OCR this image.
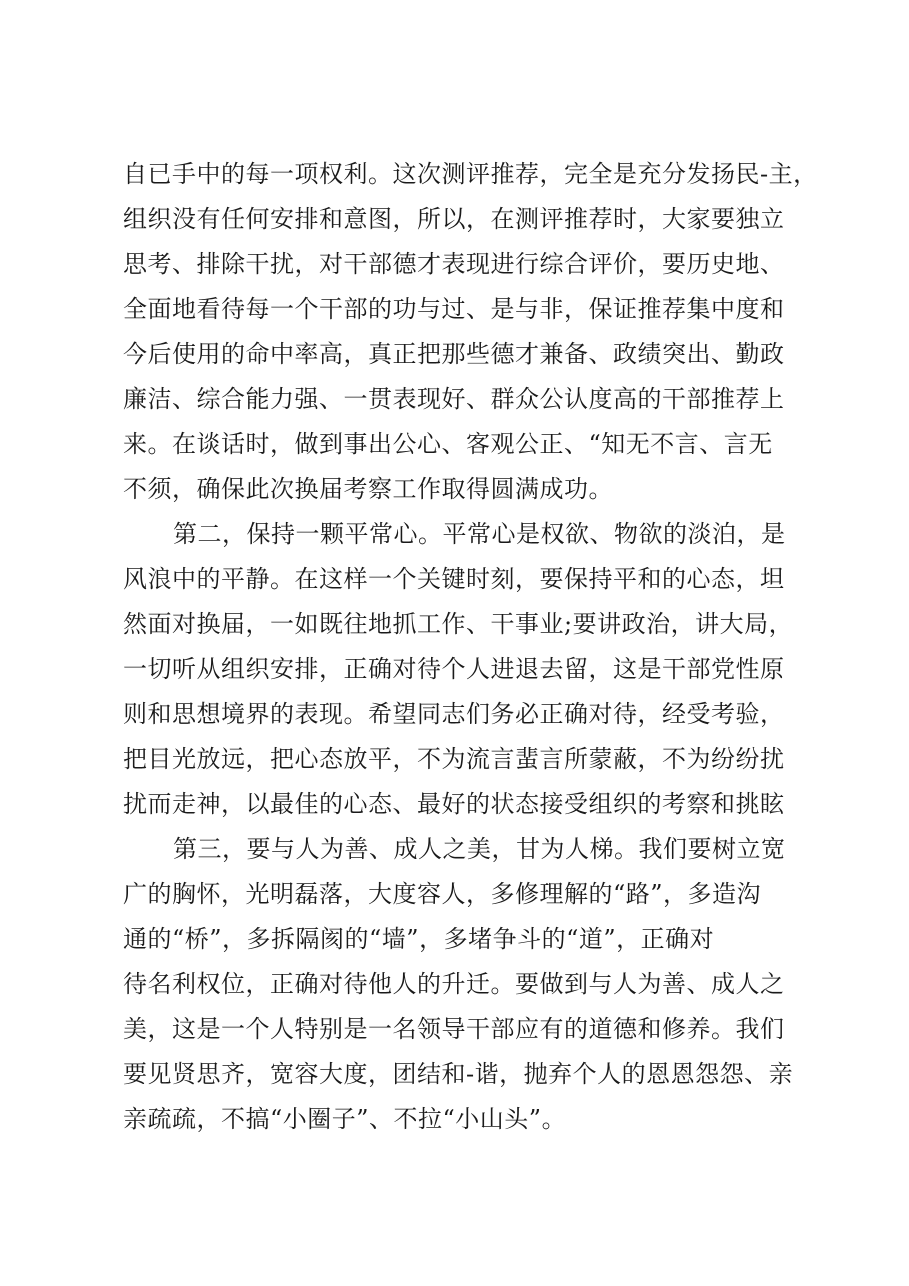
自已手中的每一项权利。这次测评推荐，完全是充分发扬民-主，
组织没有任何安排和意图，所以，在测评推荐时，大家要独立
思考、排除干扰，对干部德才表现进行综合评价，要历史地、
全面地看待每一个干部的功与过、是与非，保证推荐集中度和
今后使用的命中率高，真正把那些德才兼备、政绩突出、勤政
廉洁、综合能力强、一贯表现好、群众公认度高的干部推荐上
来。在谈话时，做到事出公心、客观公正、“知无不言、言无
不须，确保此次换届考察工作取得圆满成功。
第二，保持一颗平常心。平常心是权欲、物欲的淡泊，是
风浪中的平静。在这样一个关键时刻，要保持平和的心态，坦
然面对换届，一如既往地抓工作、干事业;要讲政治，讲大局，
一切听从组织安排，正确对待个人进退去留，这是干部党性原
则和思想境界的表现。希望同志们务必正确对待，经受考验，
把目光放远，把心态放平，不为流言蜚言所蒙蔽，不为纷纷扰
扰而走神，以最佳的心态、最好的状态接受组织的考察和挑眩
第三，要与人为善、成人之美，甘为人梯。我们要树立宽
广的胸怀，光明磊落，大度容人，多修理解的“路”，多造沟
通的“桥”，多拆隔阂的“墙”，多堵争斗的“道”，正确对
待名利权位，正确对待他人的升迁。要做到与人为善、成人之
美，这是一个人特别是一名领导干部应有的道德和修养。我们
要见贤思齐，宽容大度，团结和-谐，抛弃个人的恩恩怨怨、亲
亲疏疏，不搞“小圈子”、不拉“小山头”。
